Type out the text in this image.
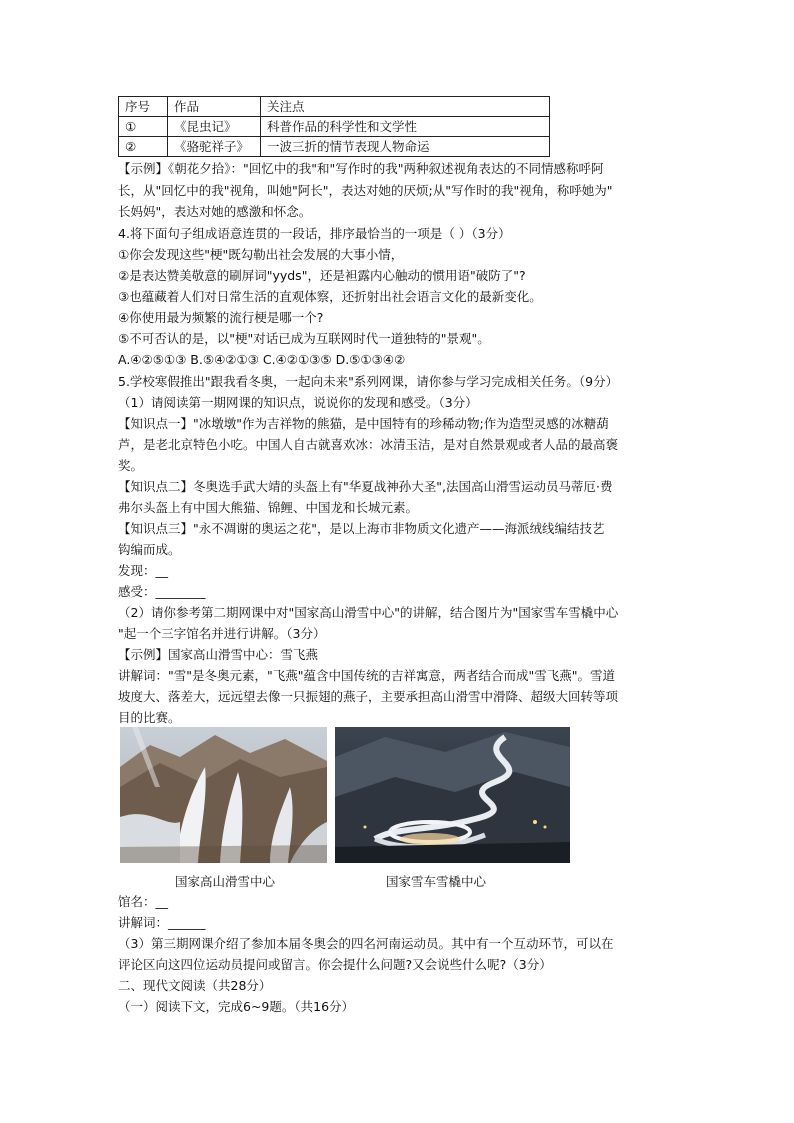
序号	作品	关注点
①	《昆虫记》	科普作品的科学性和文学性
②	《骆驼祥子》	一波三折的情节表现人物命运
【示例】《朝花夕拾》："回忆中的我"和"写作时的我"两种叙述视角表达的不同情感称呼阿
长，从"回忆中的我"视角，叫她"阿长"，表达对她的厌烦;从"写作时的我"视角，称呼她为"
长妈妈"，表达对她的感激和怀念。
4.将下面句子组成语意连贯的一段话，排序最恰当的一项是（ ）（3分）
①你会发现这些"梗"既勾勒出社会发展的大事小情，
②是表达赞美敬意的刷屏词"yyds"，还是袒露内心触动的惯用语"破防了"?
③也蕴藏着人们对日常生活的直观体察，还折射出社会语言文化的最新变化。
④你使用最为频繁的流行梗是哪一个?
⑤不可否认的是，以"梗"对话已成为互联网时代一道独特的"景观"。
A.④②⑤①③ B.⑤④②①③ C.④②①③⑤ D.⑤①③④②
5.学校寒假推出"跟我看冬奥，一起向未来"系列网课，请你参与学习完成相关任务。（9分）
（1）请阅读第一期网课的知识点，说说你的发现和感受。（3分）
【知识点一】"冰墩墩"作为吉祥物的熊猫，是中国特有的珍稀动物;作为造型灵感的冰糖葫
芦，是老北京特色小吃。中国人自古就喜欢冰：冰清玉洁，是对自然景观或者人品的最高褒
奖。
【知识点二】冬奥选手武大靖的头盔上有"华夏战神孙大圣",法国高山滑雪运动员马蒂厄·费
弗尔头盔上有中国大熊猫、锦鲤、中国龙和长城元素。
【知识点三】"永不凋谢的奥运之花"，是以上海市非物质文化遗产——海派绒线编结技艺
钩编而成。
发现：__
感受：________
（2）请你参考第二期网课中对"国家高山滑雪中心"的讲解，结合图片为"国家雪车雪橇中心
"起一个三字馆名并进行讲解。（3分）
【示例】国家高山滑雪中心：雪飞燕
讲解词："雪"是冬奥元素，"飞燕"蕴含中国传统的吉祥寓意，两者结合而成"雪飞燕"。雪道
坡度大、落差大，远远望去像一只振翅的燕子，主要承担高山滑雪中滑降、超级大回转等项
目的比赛。
国家高山滑雪中心	国家雪车雪橇中心
馆名：__
讲解词：______
（3）第三期网课介绍了参加本届冬奥会的四名河南运动员。其中有一个互动环节，可以在
评论区向这四位运动员提问或留言。你会提什么问题?又会说些什么呢?（3分）
二、现代文阅读（共28分）
（一）阅读下文，完成6~9题。（共16分）
